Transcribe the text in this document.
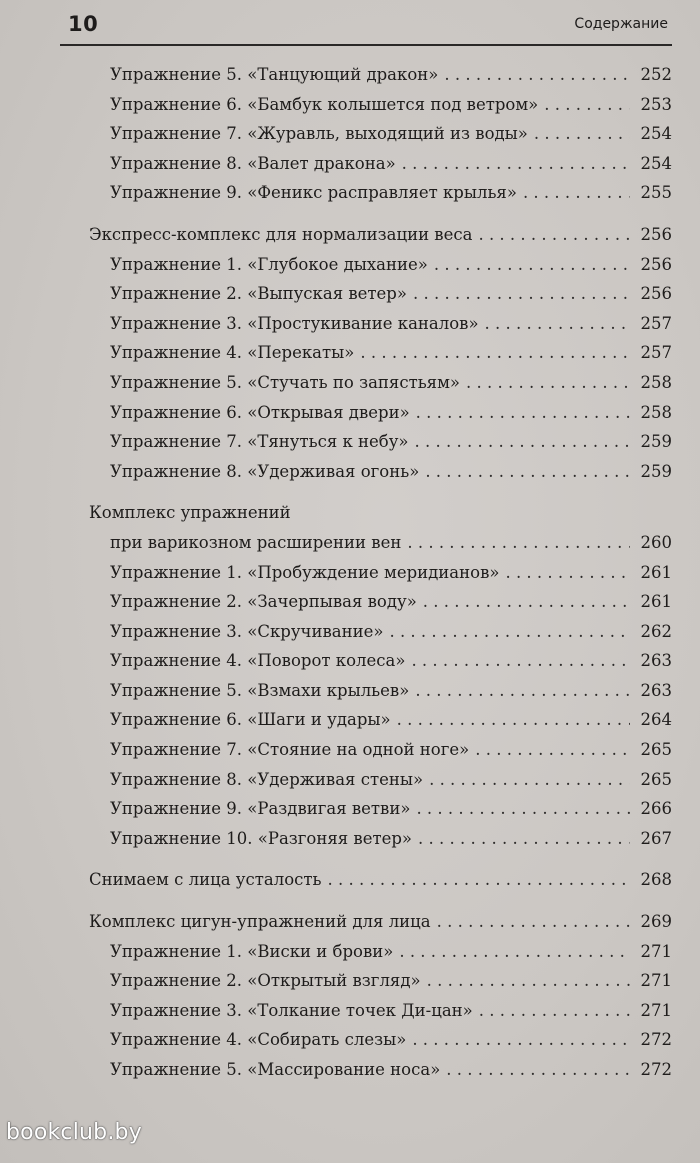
10	Содержание
Упражнение 5. «Танцующий дракон» . . .	252
Упражнение 6. «Бамбук колышется под ветром» . . .	253
Упражнение 7. «Журавль, выходящий из воды» . . .	254
Упражнение 8. «Валет дракона» . . .	254
Упражнение 9. «Феникс расправляет крылья» . . .	255
Экспресс-комплекс для нормализации веса . . .	256
Упражнение 1. «Глубокое дыхание» . . .	256
Упражнение 2. «Выпуская ветер» . . .	256
Упражнение 3. «Простукивание каналов» . . .	257
Упражнение 4. «Перекаты» . . .	257
Упражнение 5. «Стучать по запястьям» . . .	258
Упражнение 6. «Открывая двери» . . .	258
Упражнение 7. «Тянуться к небу» . . .	259
Упражнение 8. «Удерживая огонь» . . .	259
Комплекс упражнений
при варикозном расширении вен . . .	260
Упражнение 1. «Пробуждение меридианов» . . .	261
Упражнение 2. «Зачерпывая воду» . . .	261
Упражнение 3. «Скручивание» . . .	262
Упражнение 4. «Поворот колеса» . . .	263
Упражнение 5. «Взмахи крыльев» . . .	263
Упражнение 6. «Шаги и удары» . . .	264
Упражнение 7. «Стояние на одной ноге» . . .	265
Упражнение 8. «Удерживая стены» . . .	265
Упражнение 9. «Раздвигая ветви» . . .	266
Упражнение 10. «Разгоняя ветер» . . .	267
Снимаем с лица усталость . . .	268
Комплекс цигун-упражнений для лица . . .	269
Упражнение 1. «Виски и брови» . . .	271
Упражнение 2. «Открытый взгляд» . . .	271
Упражнение 3. «Толкание точек Ди-цан» . . .	271
Упражнение 4. «Собирать слезы» . . .	272
Упражнение 5. «Массирование носа» . . .	272
bookclub.by
